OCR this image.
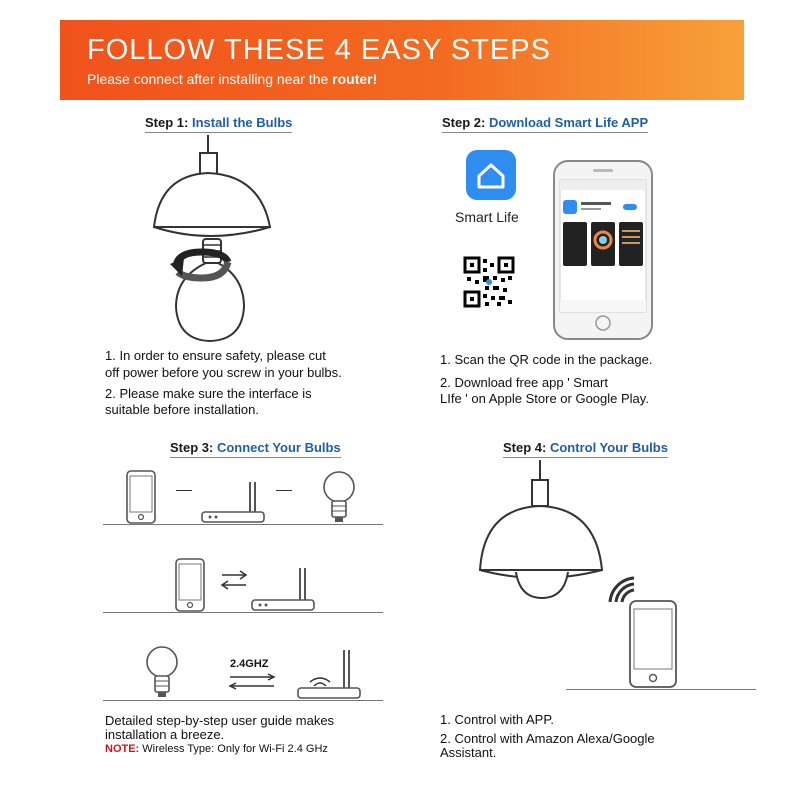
FOLLOW THESE 4 EASY STEPS
Please connect after installing near the router!
Step 1: Install the Bulbs
1. In order to ensure safety, please cut
off power before you screw in your bulbs.
2. Please make sure the interface is
suitable before installation.
Step 2: Download Smart Life APP
Smart Life
1. Scan the QR code in the package.
2. Download free app ' Smart
LIfe ' on Apple Store or Google Play.
Step 3: Connect Your Bulbs
2.4GHZ
Detailed step-by-step user guide makes
installation a breeze.
NOTE: Wireless Type: Only for Wi-Fi 2.4 GHz
Step 4: Control Your Bulbs
1. Control with APP.
2. Control with Amazon Alexa/Google
Assistant.
